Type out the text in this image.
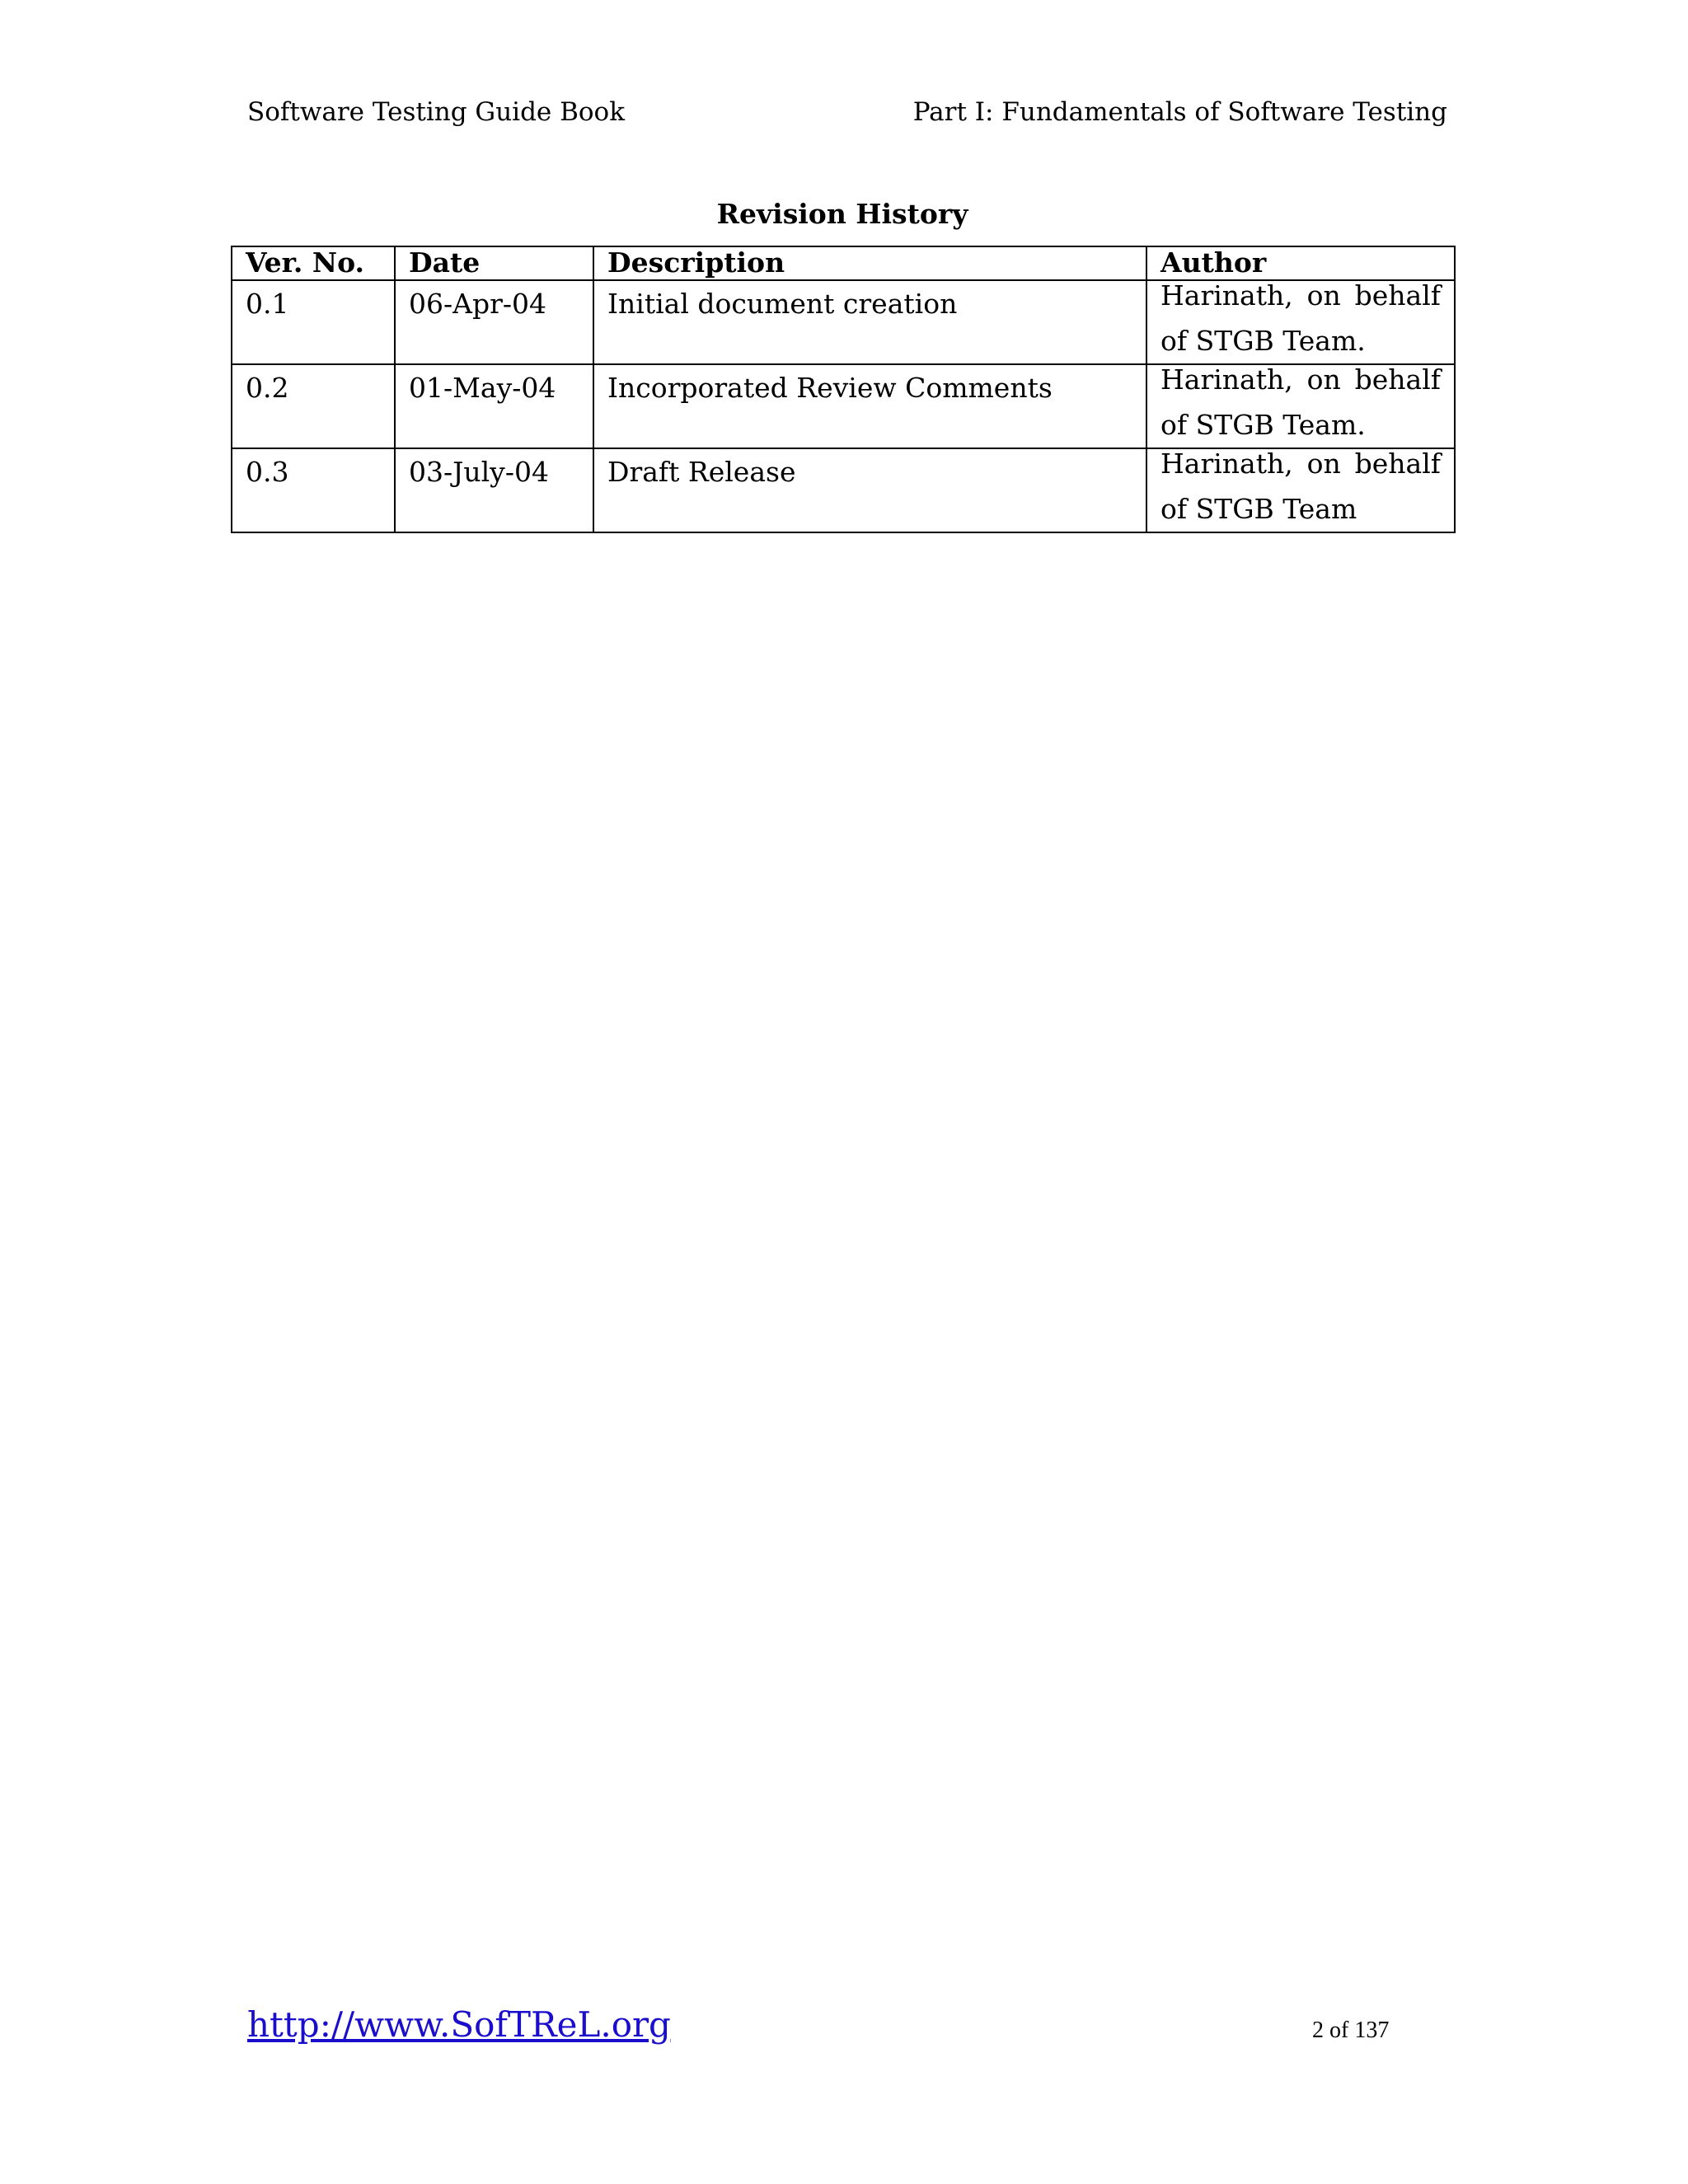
Software Testing Guide Book	Part I: Fundamentals of Software Testing
Revision History
Ver. No.	Date	Description	Author
0.1	06-Apr-04	Initial document creation	Harinath, on behalf of STGB Team.

0.2	01-May-04	Incorporated Review Comments	Harinath, on behalf of STGB Team.

0.3	03-July-04	Draft Release	Harinath, on behalf of STGB Team
http://www.SofTReL.org	2 of 137
